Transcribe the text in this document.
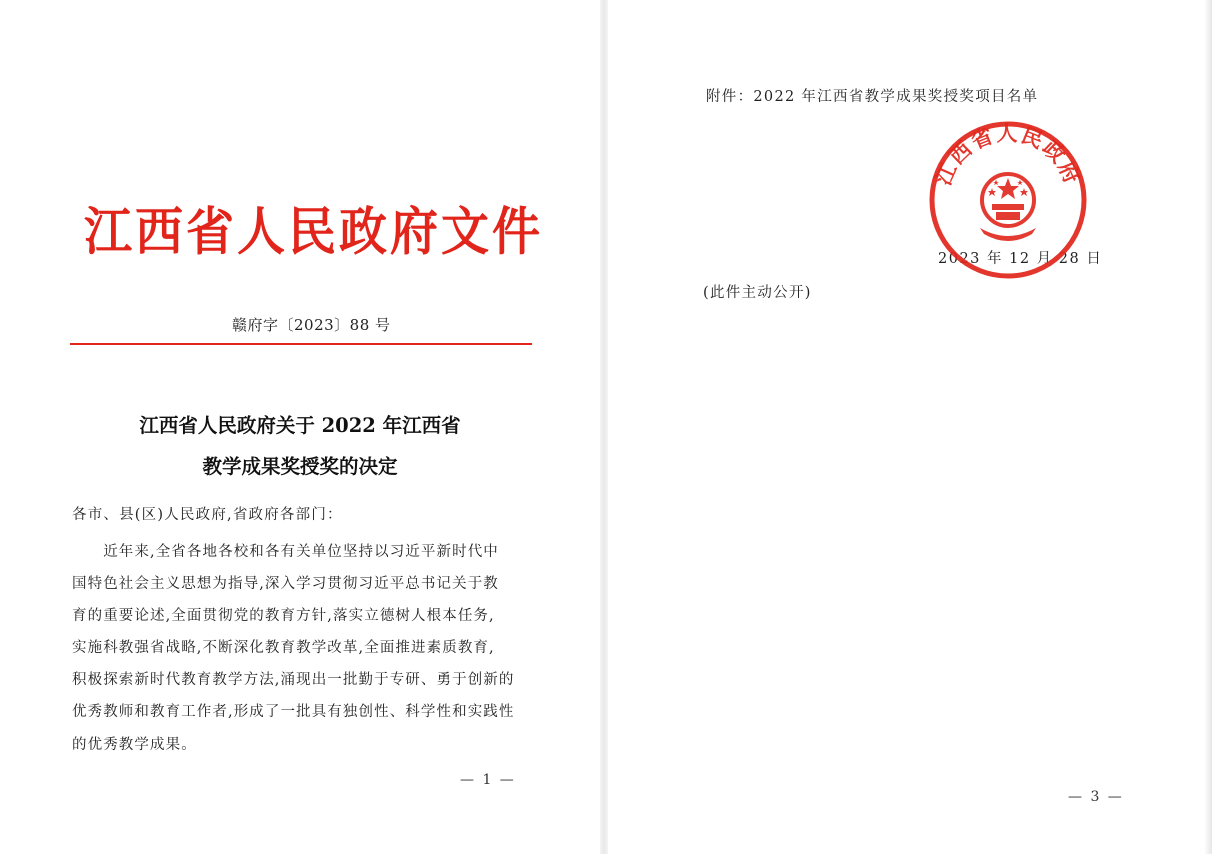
江西省人民政府文件
赣府字〔2023〕88 号
江西省人民政府关于 2022 年江西省
教学成果奖授奖的决定
各市、县(区)人民政府,省政府各部门：
　　近年来,全省各地各校和各有关单位坚持以习近平新时代中
国特色社会主义思想为指导,深入学习贯彻习近平总书记关于教
育的重要论述,全面贯彻党的教育方针,落实立德树人根本任务,
实施科教强省战略,不断深化教育教学改革,全面推进素质教育,
积极探索新时代教育教学方法,涌现出一批勤于专研、勇于创新的
优秀教师和教育工作者,形成了一批具有独创性、科学性和实践性
的优秀教学成果。
— 1 —
附件：2022 年江西省教学成果奖授奖项目名单
2023 年 12 月 28 日
江西省人民政府
(此件主动公开)
— 3 —
